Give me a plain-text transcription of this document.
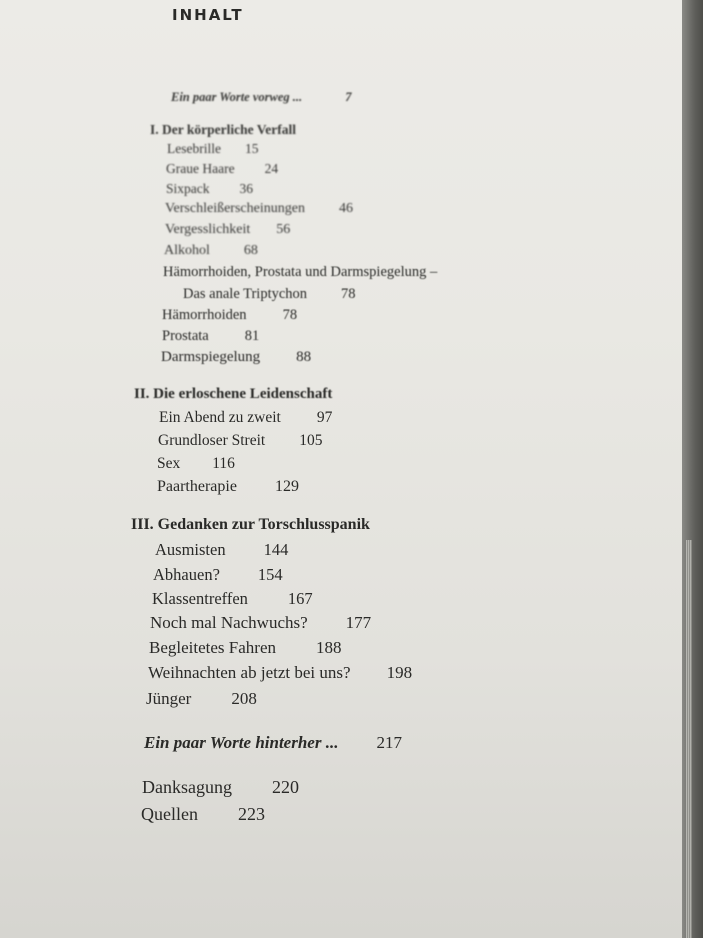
INHALT
Ein paar Worte vorweg ...	7
I. Der körperliche Verfall
Lesebrille 15
Graue Haare 24
Sixpack 36
Verschleißerscheinungen 46
Vergesslichkeit 56
Alkohol 68
Hämorrhoiden, Prostata und Darmspiegelung –
Das anale Triptychon 78
Hämorrhoiden 78
Prostata 81
Darmspiegelung 88
II. Die erloschene Leidenschaft
Ein Abend zu zweit 97
Grundloser Streit 105
Sex 116
Paartherapie 129
III. Gedanken zur Torschlusspanik
Ausmisten 144
Abhauen? 154
Klassentreffen 167
Noch mal Nachwuchs? 177
Begleitetes Fahren 188
Weihnachten ab jetzt bei uns? 198
Jünger 208
Ein paar Worte hinterher ... 217
Danksagung 220
Quellen 223
